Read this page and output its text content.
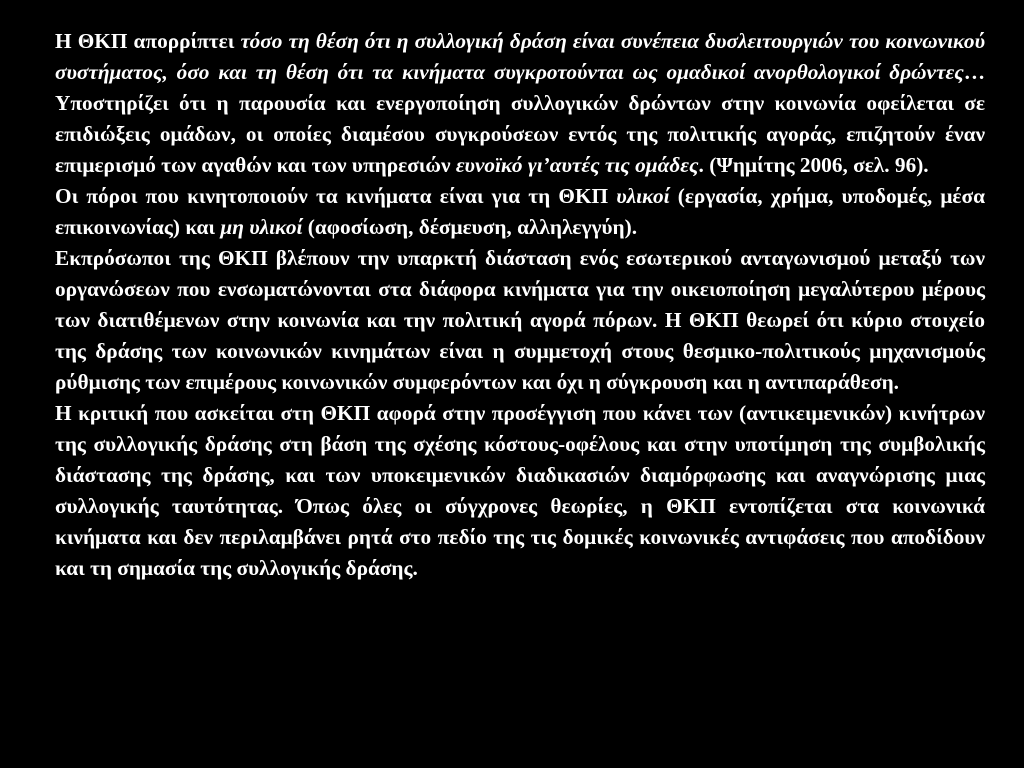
Η ΘΚΠ απορρίπτει τόσο τη θέση ότι η συλλογική δράση είναι συνέπεια δυσλειτουργιών του κοινωνικού συστήματος, όσο και τη θέση ότι τα κινήματα συγκροτούνται ως ομαδικοί ανορθολογικοί δρώντες… Υποστηρίζει ότι η παρουσία και ενεργοποίηση συλλογικών δρώντων στην κοινωνία οφείλεται σε επιδιώξεις ομάδων, οι οποίες διαμέσου συγκρούσεων εντός της πολιτικής αγοράς, επιζητούν έναν επιμερισμό των αγαθών και των υπηρεσιών ευνοϊκό γι’αυτές τις ομάδες. (Ψημίτης 2006, σελ. 96).

Οι πόροι που κινητοποιούν τα κινήματα είναι για τη ΘΚΠ υλικοί (εργασία, χρήμα, υποδομές, μέσα επικοινωνίας) και μη υλικοί (αφοσίωση, δέσμευση, αλληλεγγύη).

Εκπρόσωποι της ΘΚΠ βλέπουν την υπαρκτή διάσταση ενός εσωτερικού ανταγωνισμού μεταξύ των οργανώσεων που ενσωματώνονται στα διάφορα κινήματα για την οικειοποίηση μεγαλύτερου μέρους των διατιθέμενων στην κοινωνία και την πολιτική αγορά πόρων. Η ΘΚΠ θεωρεί ότι κύριο στοιχείο της δράσης των κοινωνικών κινημάτων είναι η συμμετοχή στους θεσμικο-πολιτικούς μηχανισμούς ρύθμισης των επιμέρους κοινωνικών συμφερόντων και όχι η σύγκρουση και η αντιπαράθεση.

Η κριτική που ασκείται στη ΘΚΠ αφορά στην προσέγγιση που κάνει των (αντικειμενικών) κινήτρων της συλλογικής δράσης στη βάση της σχέσης κόστους-οφέλους και στην υποτίμηση της συμβολικής διάστασης της δράσης, και των υποκειμενικών διαδικασιών διαμόρφωσης και αναγνώρισης μιας συλλογικής ταυτότητας. Όπως όλες οι σύγχρονες θεωρίες, η ΘΚΠ εντοπίζεται στα κοινωνικά κινήματα και δεν περιλαμβάνει ρητά στο πεδίο της τις δομικές κοινωνικές αντιφάσεις που αποδίδουν και τη σημασία της συλλογικής δράσης.
